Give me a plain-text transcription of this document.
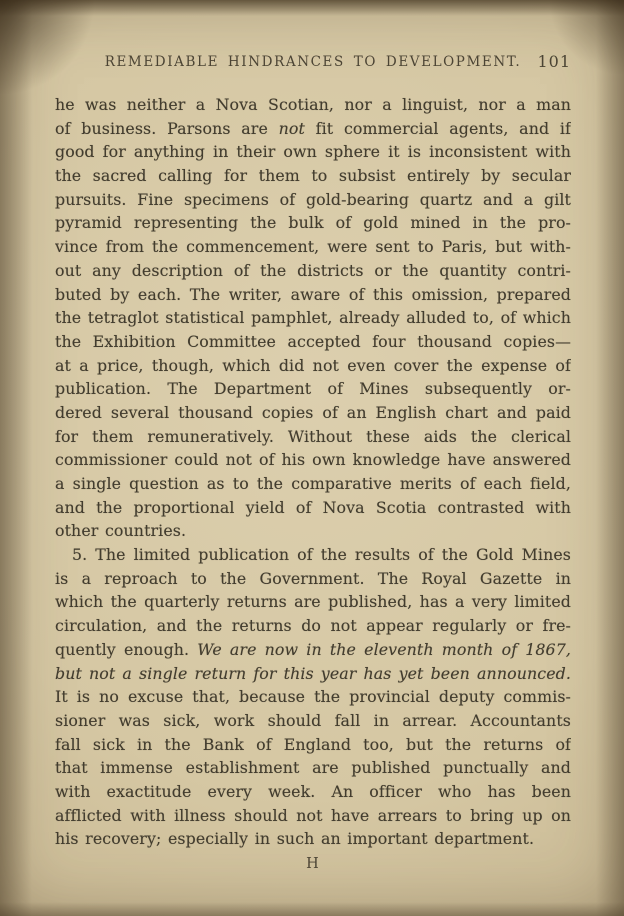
REMEDIABLE HINDRANCES TO DEVELOPMENT. 101
he was neither a Nova Scotian, nor a linguist, nor a man
of business. Parsons are not fit commercial agents, and if
good for anything in their own sphere it is inconsistent with
the sacred calling for them to subsist entirely by secular
pursuits. Fine specimens of gold-bearing quartz and a gilt
pyramid representing the bulk of gold mined in the pro-
vince from the commencement, were sent to Paris, but with-
out any description of the districts or the quantity contri-
buted by each. The writer, aware of this omission, prepared
the tetraglot statistical pamphlet, already alluded to, of which
the Exhibition Committee accepted four thousand copies—
at a price, though, which did not even cover the expense of
publication. The Department of Mines subsequently or-
dered several thousand copies of an English chart and paid
for them remuneratively. Without these aids the clerical
commissioner could not of his own knowledge have answered
a single question as to the comparative merits of each field,
and the proportional yield of Nova Scotia contrasted with
other countries.
5. The limited publication of the results of the Gold Mines
is a reproach to the Government. The Royal Gazette in
which the quarterly returns are published, has a very limited
circulation, and the returns do not appear regularly or fre-
quently enough. We are now in the eleventh month of 1867,
but not a single return for this year has yet been announced.
It is no excuse that, because the provincial deputy commis-
sioner was sick, work should fall in arrear. Accountants
fall sick in the Bank of England too, but the returns of
that immense establishment are published punctually and
with exactitude every week. An officer who has been
afflicted with illness should not have arrears to bring up on
his recovery; especially in such an important department.
H
